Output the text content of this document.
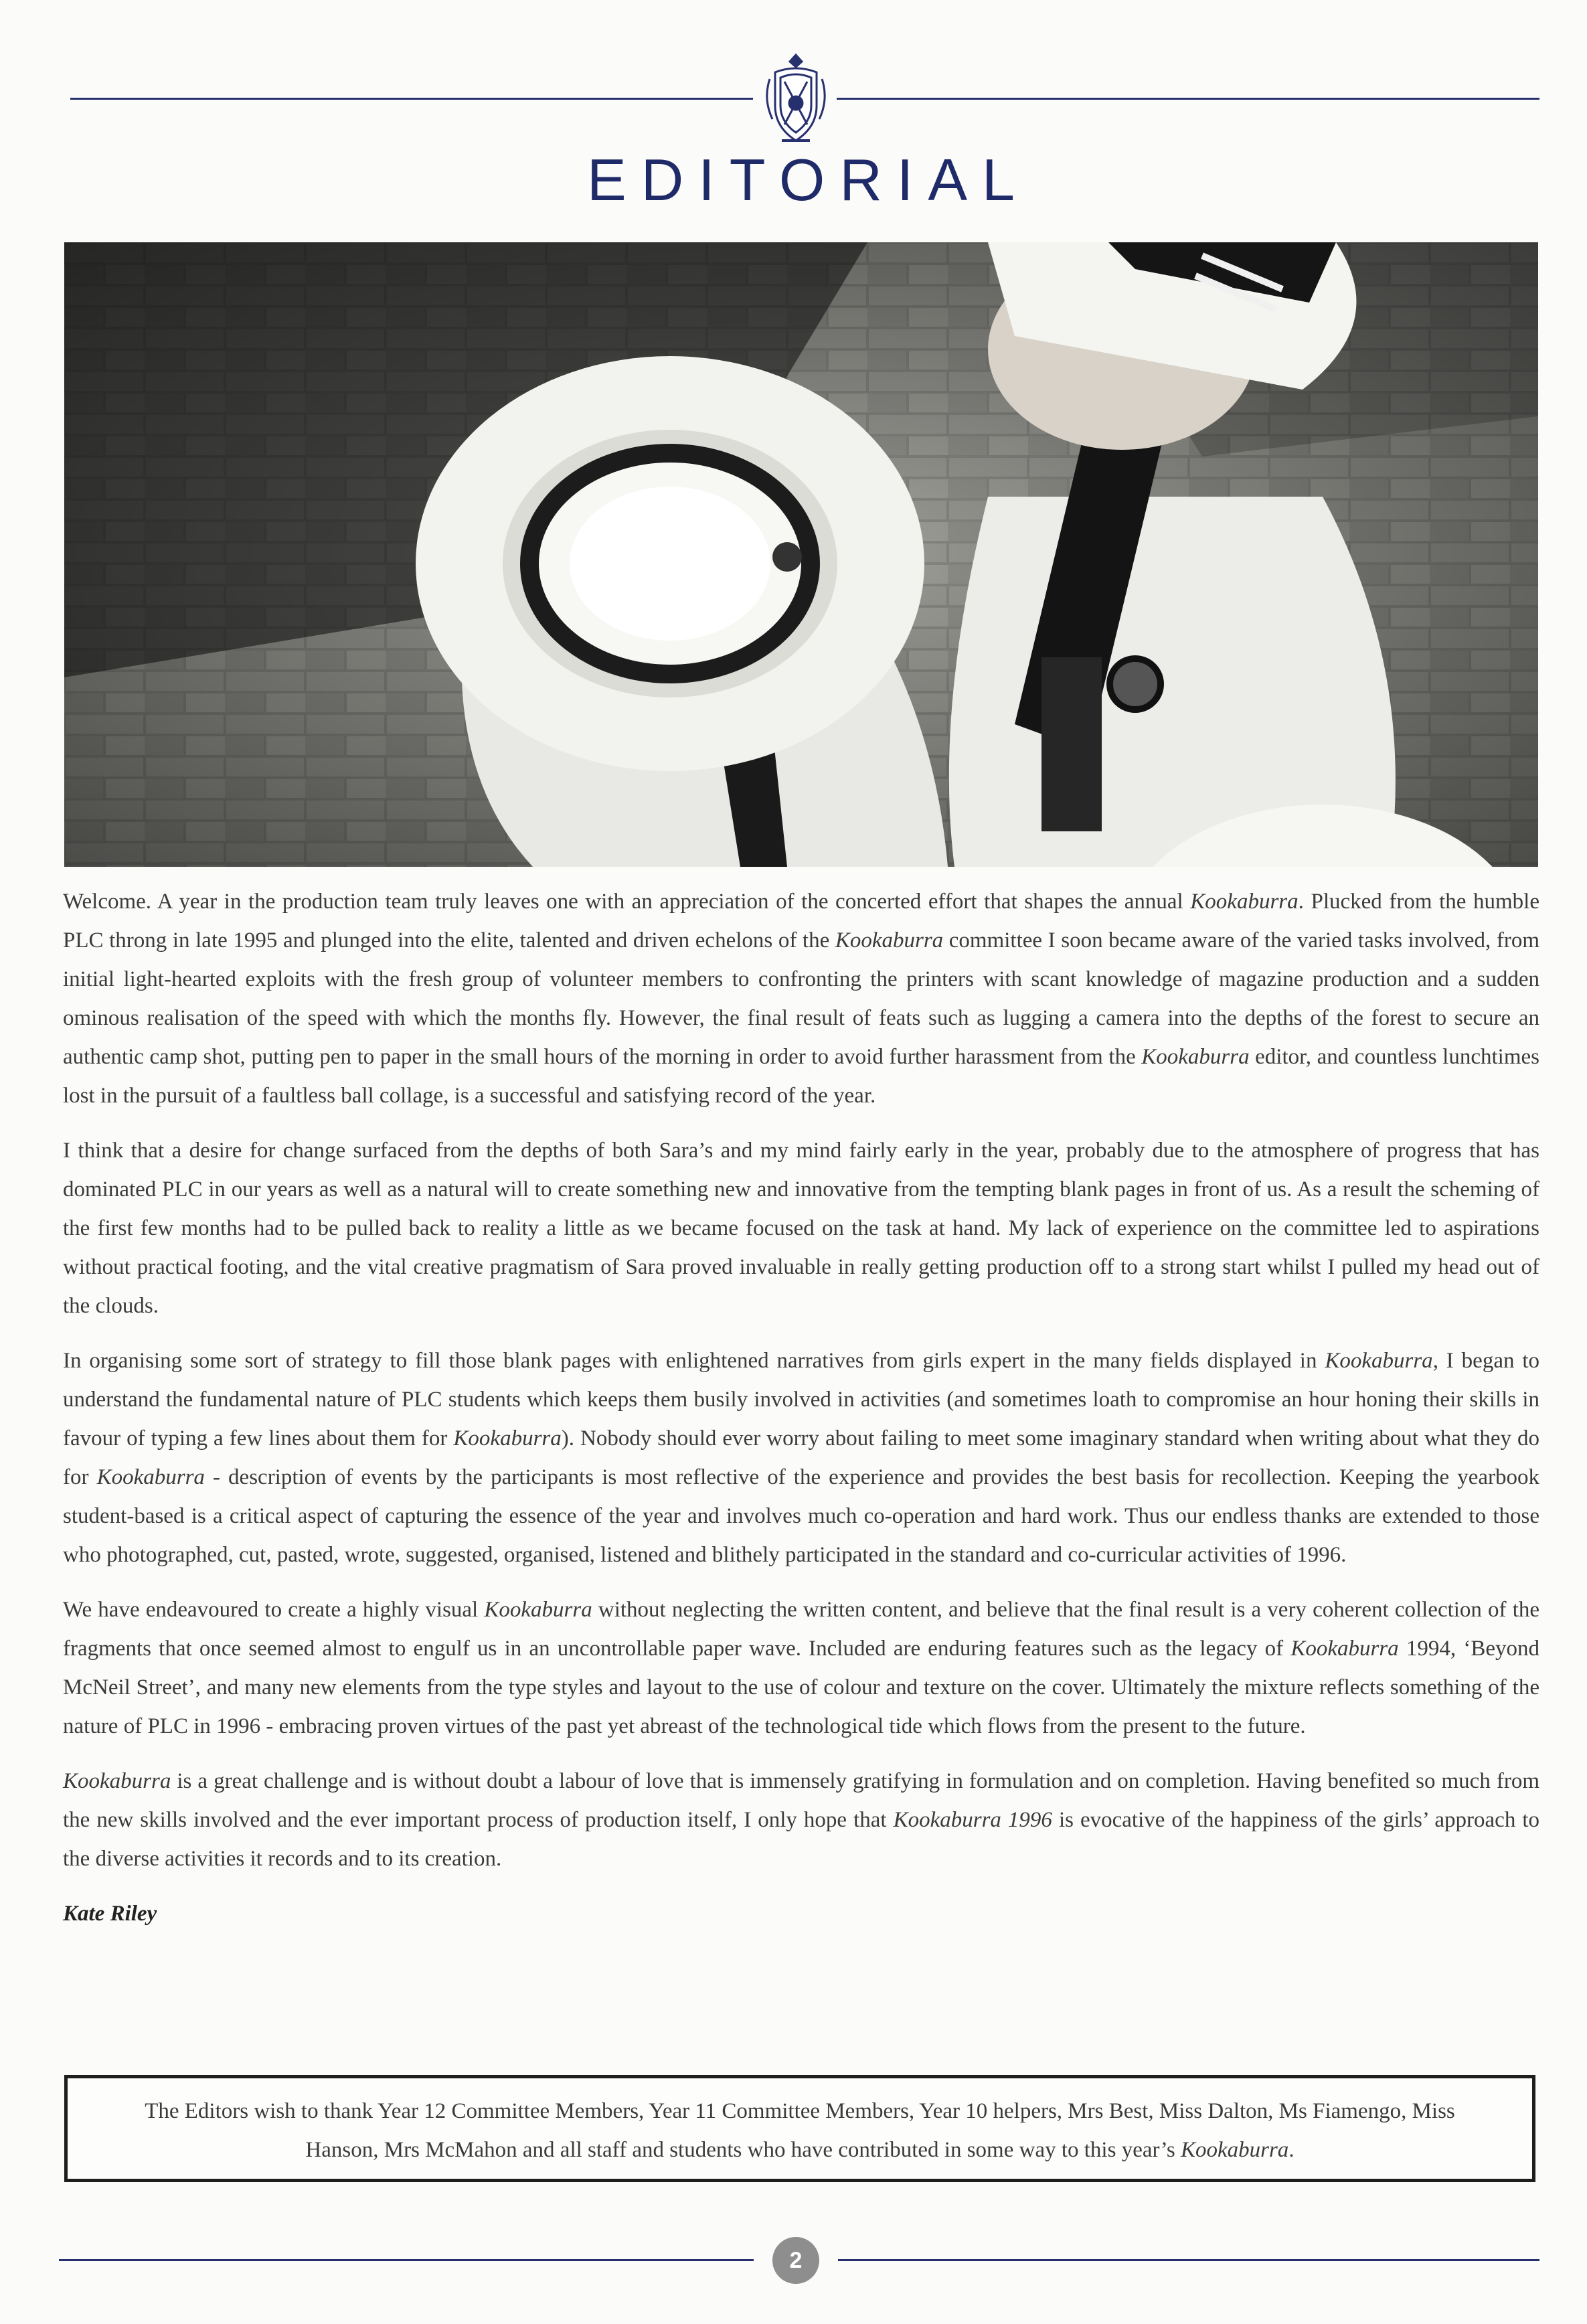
EDITORIAL

Welcome. A year in the production team truly leaves one with an appreciation of the concerted effort that shapes the annual Kookaburra. Plucked from the humble PLC throng in late 1995 and plunged into the elite, talented and driven echelons of the Kookaburra committee I soon became aware of the varied tasks involved, from initial light-hearted exploits with the fresh group of volunteer members to confronting the printers with scant knowledge of magazine production and a sudden ominous realisation of the speed with which the months fly. However, the final result of feats such as lugging a camera into the depths of the forest to secure an authentic camp shot, putting pen to paper in the small hours of the morning in order to avoid further harassment from the Kookaburra editor, and countless lunchtimes lost in the pursuit of a faultless ball collage, is a successful and satisfying record of the year.

I think that a desire for change surfaced from the depths of both Sara’s and my mind fairly early in the year, probably due to the atmosphere of progress that has dominated PLC in our years as well as a natural will to create something new and innovative from the tempting blank pages in front of us. As a result the scheming of the first few months had to be pulled back to reality a little as we became focused on the task at hand. My lack of experience on the committee led to aspirations without practical footing, and the vital creative pragmatism of Sara proved invaluable in really getting production off to a strong start whilst I pulled my head out of the clouds.

In organising some sort of strategy to fill those blank pages with enlightened narratives from girls expert in the many fields displayed in Kookaburra, I began to understand the fundamental nature of PLC students which keeps them busily involved in activities (and sometimes loath to compromise an hour honing their skills in favour of typing a few lines about them for Kookaburra). Nobody should ever worry about failing to meet some imaginary standard when writing about what they do for Kookaburra - description of events by the participants is most reflective of the experience and provides the best basis for recollection. Keeping the yearbook student-based is a critical aspect of capturing the essence of the year and involves much co-operation and hard work. Thus our endless thanks are extended to those who photographed, cut, pasted, wrote, suggested, organised, listened and blithely participated in the standard and co-curricular activities of 1996.

We have endeavoured to create a highly visual Kookaburra without neglecting the written content, and believe that the final result is a very coherent collection of the fragments that once seemed almost to engulf us in an uncontrollable paper wave. Included are enduring features such as the legacy of Kookaburra 1994, ‘Beyond McNeil Street’, and many new elements from the type styles and layout to the use of colour and texture on the cover. Ultimately the mixture reflects something of the nature of PLC in 1996 - embracing proven virtues of the past yet abreast of the technological tide which flows from the present to the future.

Kookaburra is a great challenge and is without doubt a labour of love that is immensely gratifying in formulation and on completion. Having benefited so much from the new skills involved and the ever important process of production itself, I only hope that Kookaburra 1996 is evocative of the happiness of the girls’ approach to the diverse activities it records and to its creation.

Kate Riley

The Editors wish to thank Year 12 Committee Members, Year 11 Committee Members, Year 10 helpers, Mrs Best, Miss Dalton, Ms Fiamengo, Miss Hanson, Mrs McMahon and all staff and students who have contributed in some way to this year’s Kookaburra.
2
